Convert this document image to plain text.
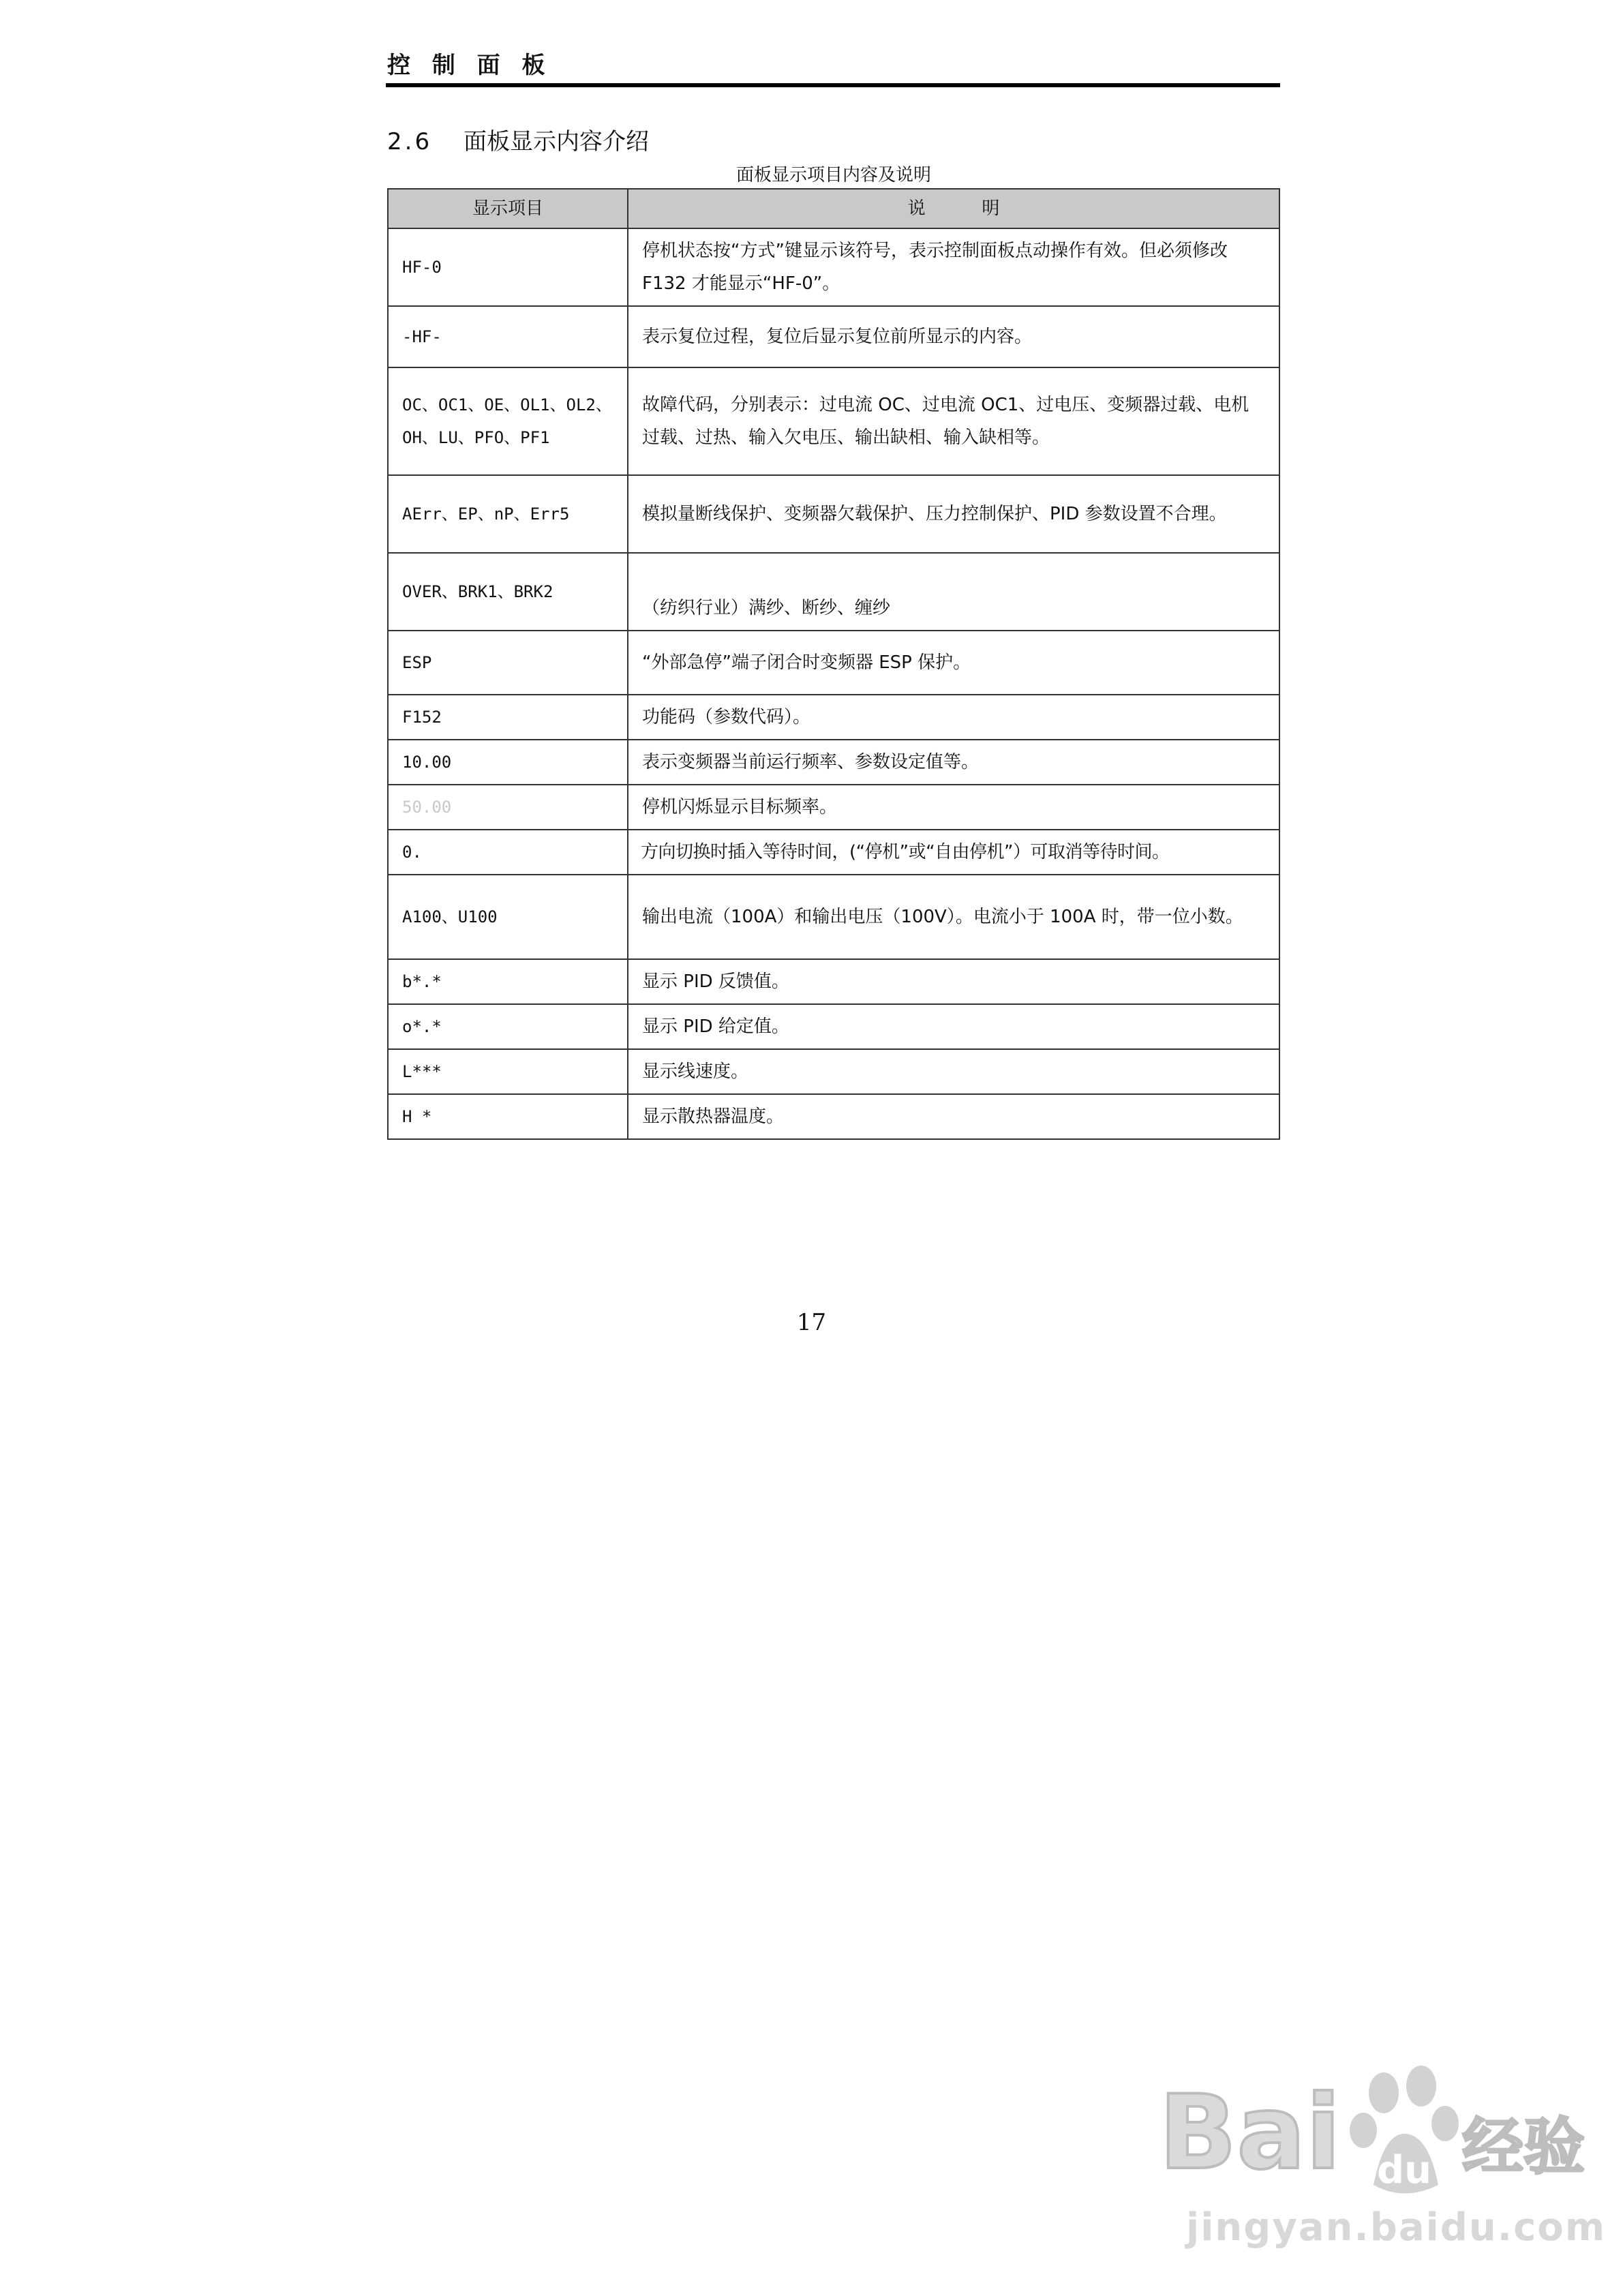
控 制 面 板
2.6 面板显示内容介绍
面板显示项目内容及说明
显示项目	说          明
HF-0	停机状态按“方式”键显示该符号，表示控制面板点动操作有效。但必须修改 F132 才能显示“HF-0”。
-HF-	表示复位过程，复位后显示复位前所显示的内容。
OC、OC1、OE、OL1、OL2、OH、LU、PFO、PF1	故障代码，分别表示：过电流 OC、过电流 OC1、过电压、变频器过载、电机过载、过热、输入欠电压、输出缺相、输入缺相等。
AErr、EP、nP、Err5	模拟量断线保护、变频器欠载保护、压力控制保护、PID 参数设置不合理。
OVER、BRK1、BRK2	（纺织行业）满纱、断纱、缠纱
ESP	“外部急停”端子闭合时变频器 ESP 保护。
F152	功能码（参数代码）。
10.00	表示变频器当前运行频率、参数设定值等。
50.00	停机闪烁显示目标频率。
0.	方向切换时插入等待时间，(“停机”或“自由停机”）可取消等待时间。
A100、U100	输出电流（100A）和输出电压（100V）。电流小于 100A 时，带一位小数。
b*.*	显示 PID 反馈值。
o*.*	显示 PID 给定值。
L***	显示线速度。
H *	显示散热器温度。
17
Bai du 经验
jingyan.baidu.com
